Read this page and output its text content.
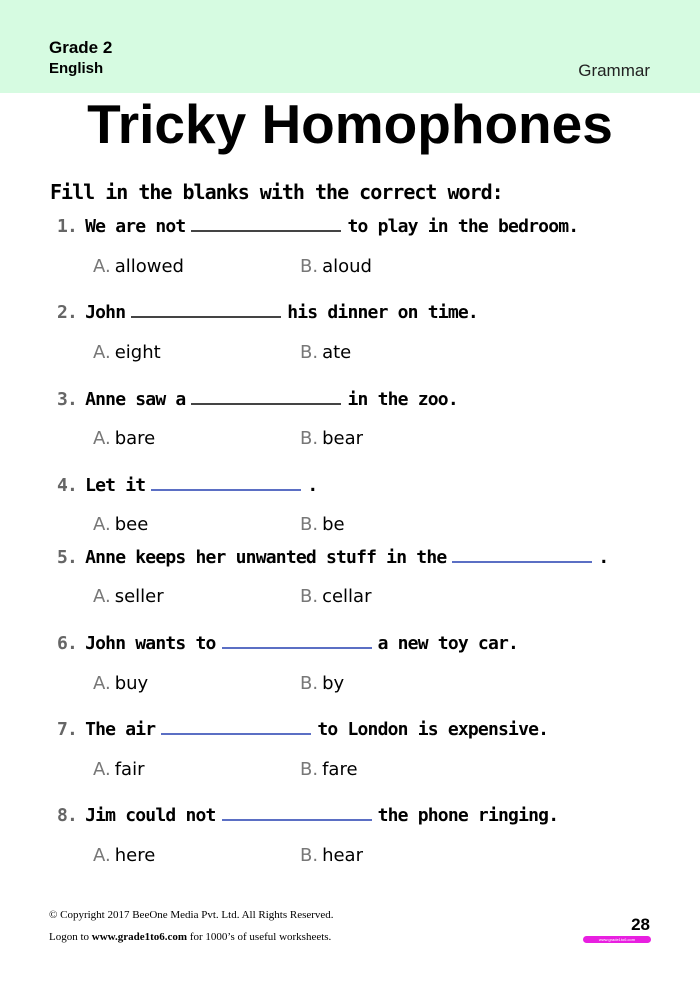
Grade 2
English	Grammar
Tricky Homophones
Fill in the blanks with the correct word:
1. We are not	to play in the bedroom.
A. allowed	B. aloud
2. John	his dinner on time.
A. eight	B. ate
3. Anne saw a	in the zoo.
A. bare	B. bear
4. Let it	.
A. bee	B. be
5. Anne keeps her unwanted stuff in the	.
A. seller	B. cellar
6. John wants to	a new toy car.
A. buy	B. by
7. The air	to London is expensive.
A. fair	B. fare
8. Jim could not	the phone ringing.
A. here	B. hear
© Copyright 2017 BeeOne Media Pvt. Ltd. All Rights Reserved.
Logon to www.grade1to6.com for 1000’s of useful worksheets.
28
www.grade1to6.com
